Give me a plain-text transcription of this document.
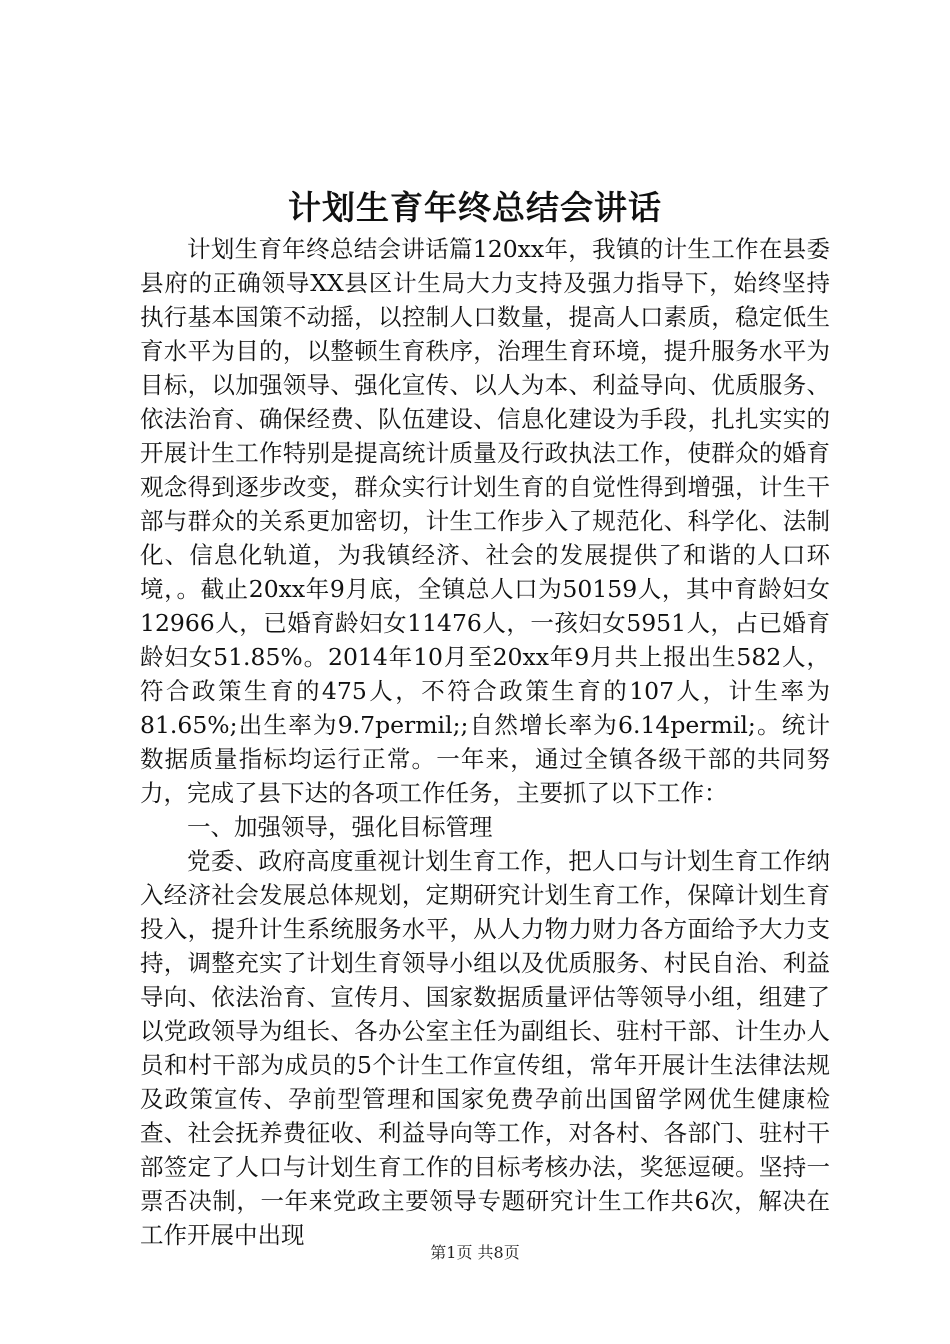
计划生育年终总结会讲话

计划生育年终总结会讲话篇120xx年，我镇的计生工作在县委县府的正确领导XX县区计生局大力支持及强力指导下，始终坚持执行基本国策不动摇，以控制人口数量，提高人口素质，稳定低生育水平为目的，以整顿生育秩序，治理生育环境，提升服务水平为目标，以加强领导、强化宣传、以人为本、利益导向、优质服务、依法治育、确保经费、队伍建设、信息化建设为手段，扎扎实实的开展计生工作特别是提高统计质量及行政执法工作，使群众的婚育观念得到逐步改变，群众实行计划生育的自觉性得到增强，计生干部与群众的关系更加密切，计生工作步入了规范化、科学化、法制化、信息化轨道，为我镇经济、社会的发展提供了和谐的人口环境，。截止20xx年9月底，全镇总人口为50159人，其中育龄妇女12966人，已婚育龄妇女11476人，一孩妇女5951人，占已婚育龄妇女51.85%。2014年10月至20xx年9月共上报出生582人，符合政策生育的475人，不符合政策生育的107人，计生率为81.65%;出生率为9.7permil;;自然增长率为6.14permil;。统计数据质量指标均运行正常。一年来，通过全镇各级干部的共同努力，完成了县下达的各项工作任务，主要抓了以下工作：

一、加强领导，强化目标管理

党委、政府高度重视计划生育工作，把人口与计划生育工作纳入经济社会发展总体规划，定期研究计划生育工作，保障计划生育投入，提升计生系统服务水平，从人力物力财力各方面给予大力支持，调整充实了计划生育领导小组以及优质服务、村民自治、利益导向、依法治育、宣传月、国家数据质量评估等领导小组，组建了以党政领导为组长、各办公室主任为副组长、驻村干部、计生办人员和村干部为成员的5个计生工作宣传组，常年开展计生法律法规及政策宣传、孕前型管理和国家免费孕前出国留学网优生健康检查、社会抚养费征收、利益导向等工作，对各村、各部门、驻村干部签定了人口与计划生育工作的目标考核办法，奖惩逗硬。坚持一票否决制，一年来党政主要领导专题研究计生工作共6次，解决在工作开展中出现

第1页 共8页
